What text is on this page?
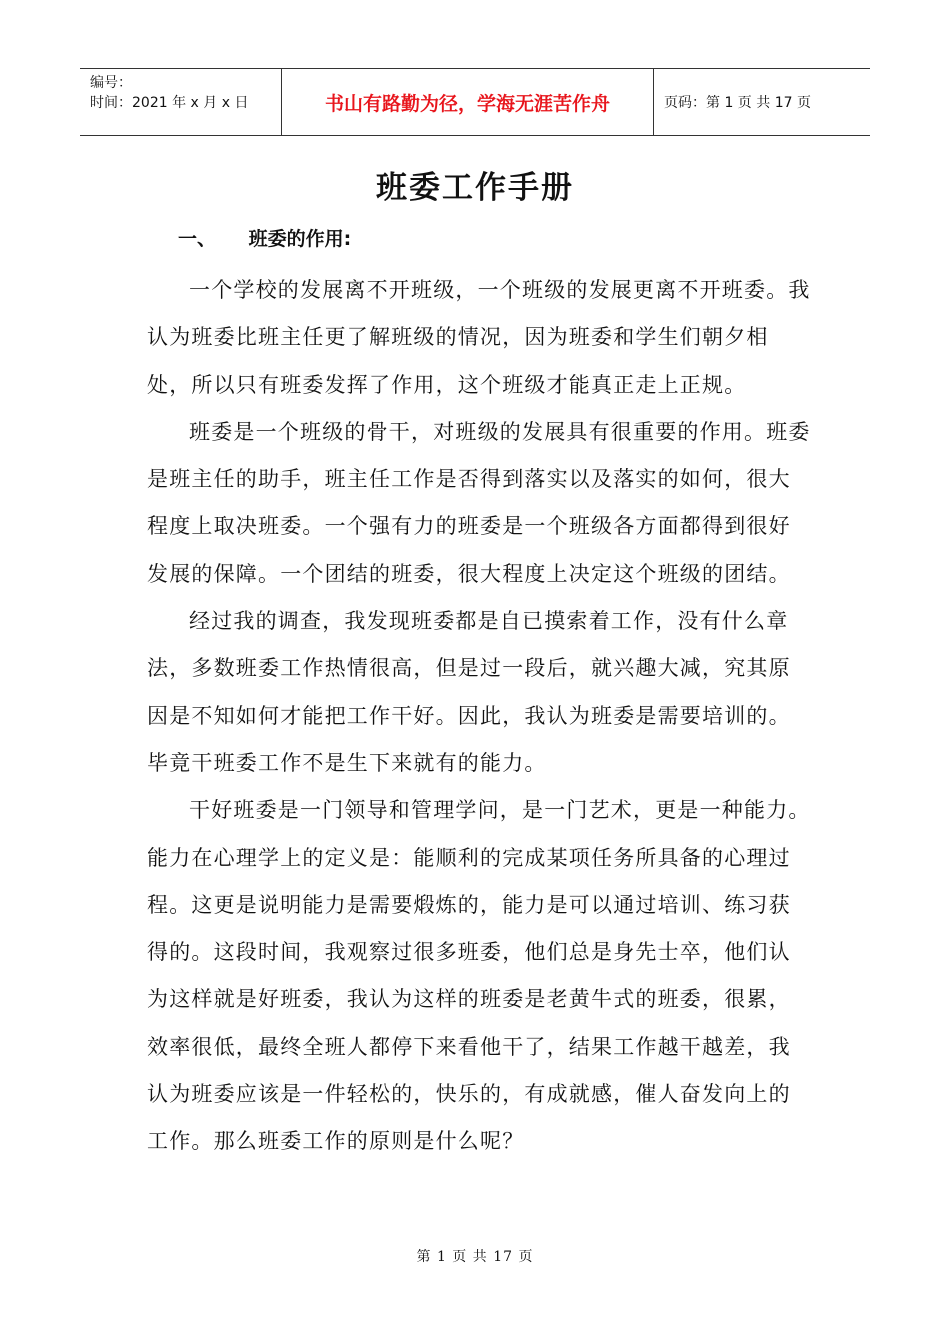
编号：
时间：2021 年 x 月 x 日	书山有路勤为径，学海无涯苦作舟	页码：第 1 页 共 17 页
班委工作手册
一、 班委的作用:

一个学校的发展离不开班级，一个班级的发展更离不开班委。我认为班委比班主任更了解班级的情况，因为班委和学生们朝夕相处，所以只有班委发挥了作用，这个班级才能真正走上正规。

班委是一个班级的骨干，对班级的发展具有很重要的作用。班委是班主任的助手，班主任工作是否得到落实以及落实的如何，很大程度上取决班委。一个强有力的班委是一个班级各方面都得到很好发展的保障。一个团结的班委，很大程度上决定这个班级的团结。

经过我的调查，我发现班委都是自已摸索着工作，没有什么章法，多数班委工作热情很高，但是过一段后，就兴趣大减，究其原因是不知如何才能把工作干好。因此，我认为班委是需要培训的。毕竟干班委工作不是生下来就有的能力。

干好班委是一门领导和管理学问，是一门艺术，更是一种能力。能力在心理学上的定义是：能顺利的完成某项任务所具备的心理过程。这更是说明能力是需要煅炼的，能力是可以通过培训、练习获得的。这段时间，我观察过很多班委，他们总是身先士卒，他们认为这样就是好班委，我认为这样的班委是老黄牛式的班委，很累，效率很低，最终全班人都停下来看他干了，结果工作越干越差，我认为班委应该是一件轻松的，快乐的，有成就感，催人奋发向上的工作。那么班委工作的原则是什么呢？

第 1 页 共 17 页
